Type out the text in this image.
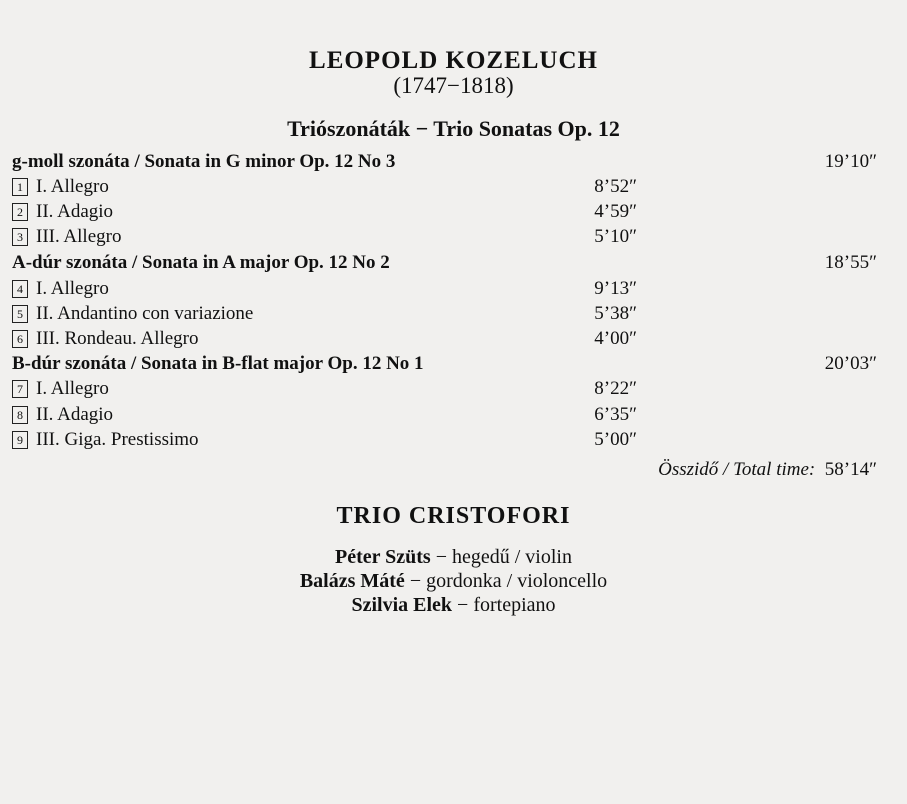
LEOPOLD KOZELUCH
(1747−1818)
Triószonáták − Trio Sonatas Op. 12
g-moll szonáta / Sonata in G minor Op. 12 No 3	19’10″
1 I. Allegro	8’52″
2 II. Adagio	4’59″
3 III. Allegro	5’10″
A-dúr szonáta / Sonata in A major Op. 12 No 2	18’55″
4 I. Allegro	9’13″
5 II. Andantino con variazione	5’38″
6 III. Rondeau. Allegro	4’00″
B-dúr szonáta / Sonata in B-flat major Op. 12 No 1	20’03″
7 I. Allegro	8’22″
8 II. Adagio	6’35″
9 III. Giga. Prestissimo	5’00″
Összidő / Total time: 58’14″
TRIO CRISTOFORI
Péter Szüts − hegedű / violin
Balázs Máté − gordonka / violoncello
Szilvia Elek − fortepiano
